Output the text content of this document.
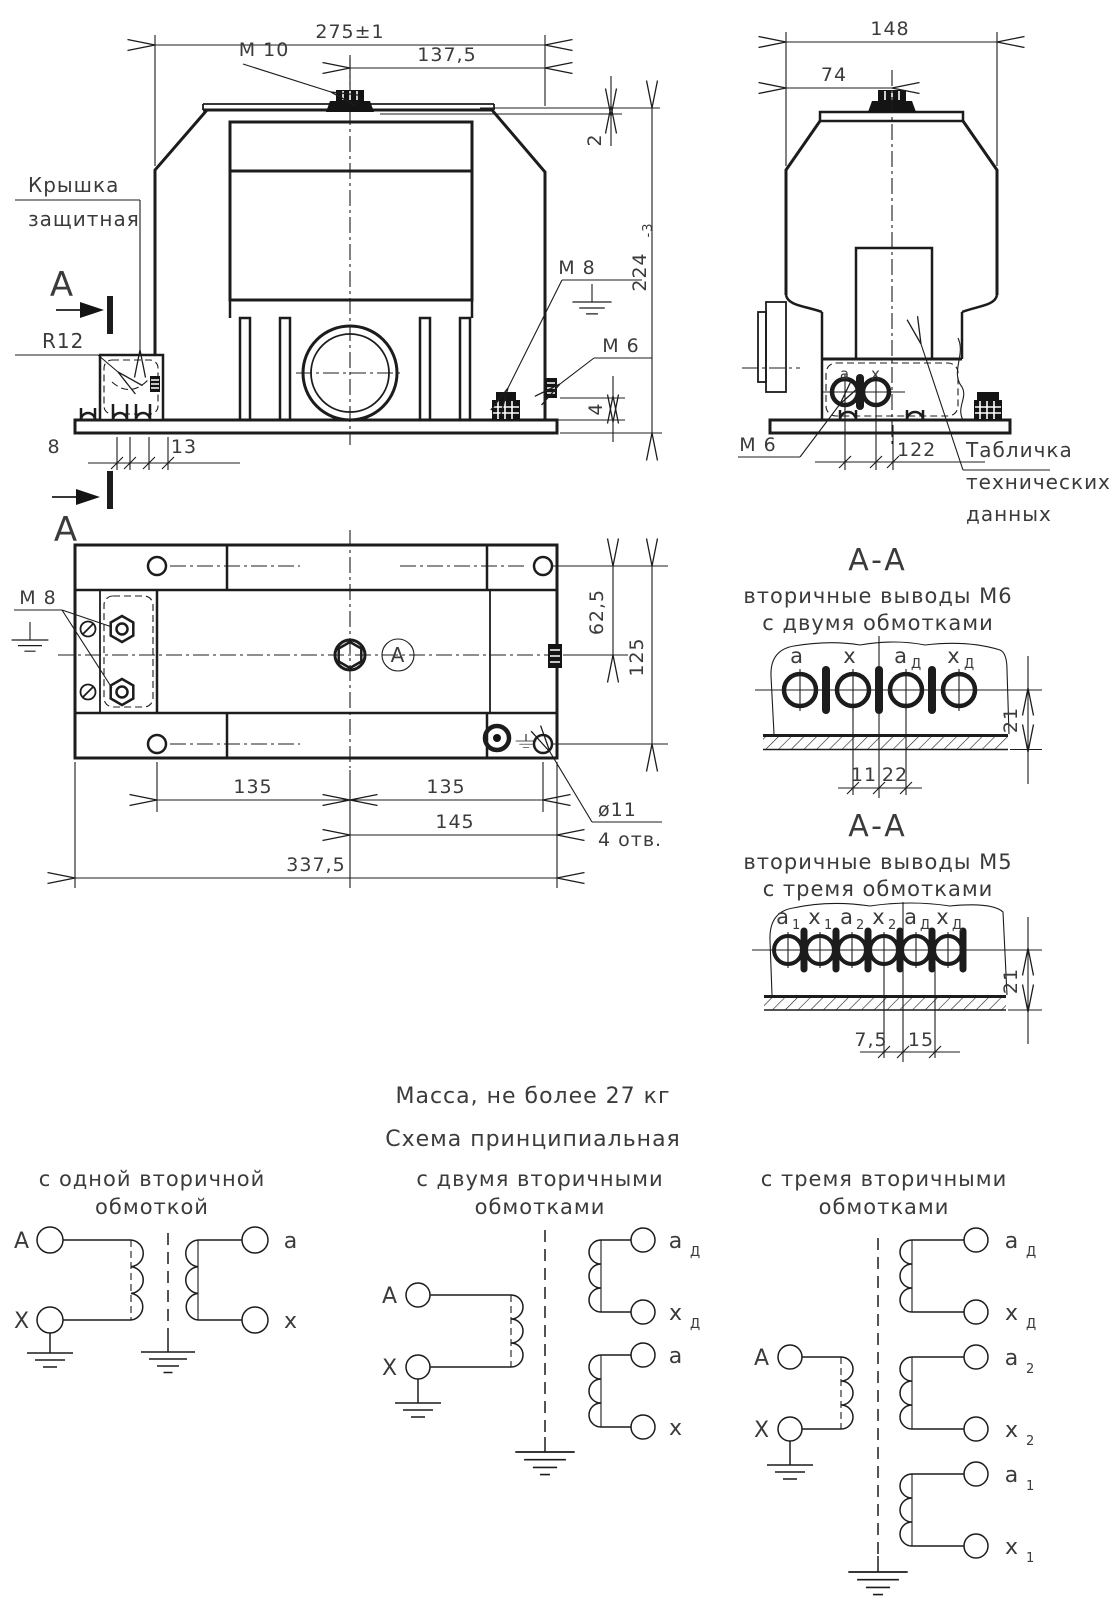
275±1
137,5
M 10
2
224
-3
M 8
M 6
4
Крышка
защитная
R12
8	13
A
A
148
74
M 6	122
a x
Табличка
технических
данных
M 8	62,5
125
135	135
145
337,5
ø11
4 отв.
A
A-A
вторичные выводы М6
с двумя обмотками
a x a Д x Д
21
11 22
A-A
вторичные выводы М5
с тремя обмотками
a 1 x 1 a 2 x 2 a Д x Д
21
7,5 15
Масса, не более 27 кг
Схема принципиальная
с одной вторичной
обмоткой
A
X
a
x
с двумя вторичными
обмотками
A
X
a Д
x Д
a
x
с тремя вторичными
обмотками
A
X
a Д
x Д
a 2
x 2
a 1
x 1
